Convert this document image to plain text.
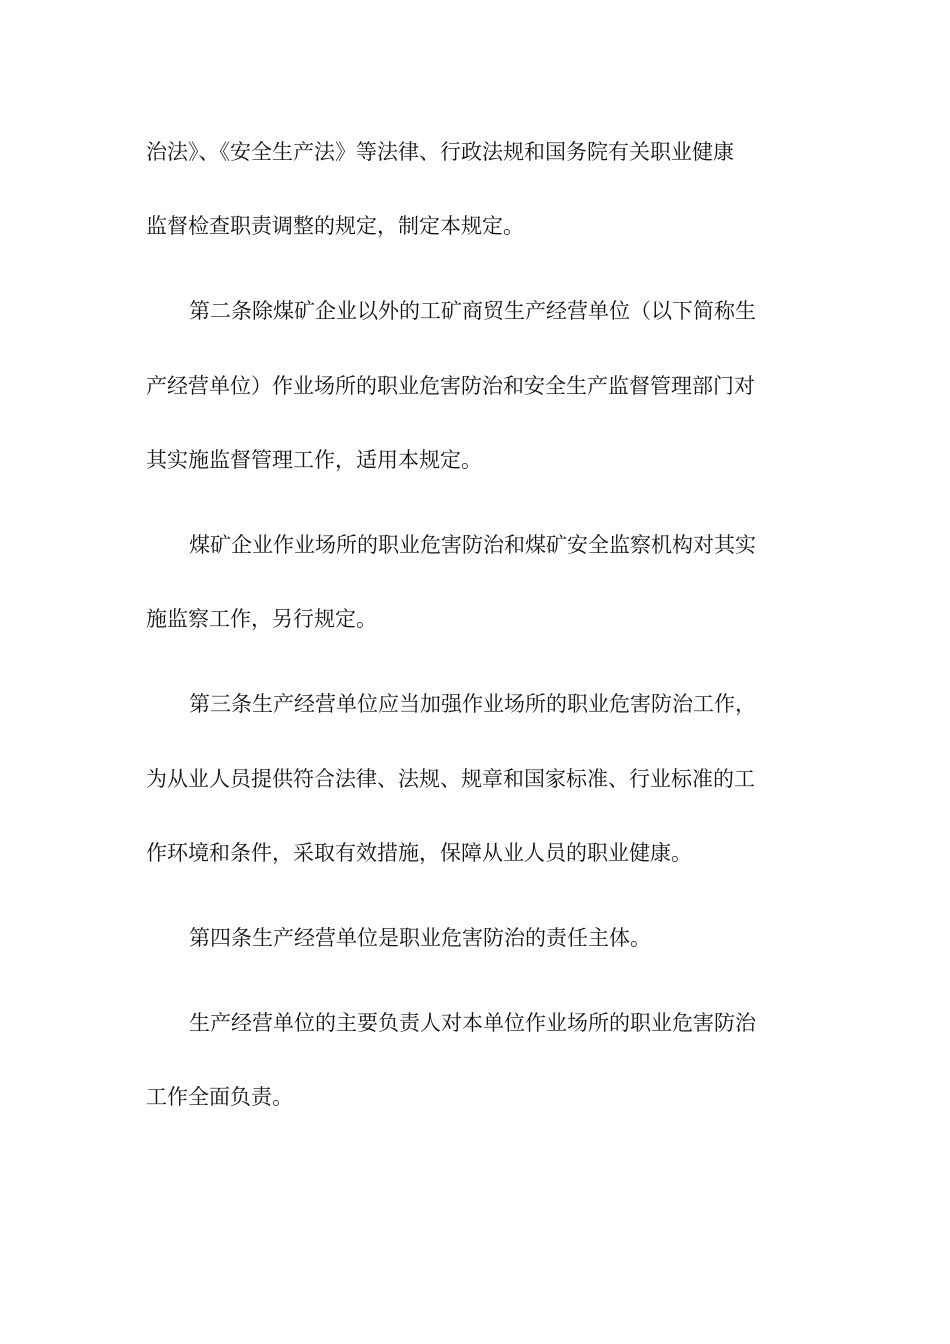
治法》、《安全生产法》等法律、行政法规和国务院有关职业健康
监督检查职责调整的规定，制定本规定。
第二条除煤矿企业以外的工矿商贸生产经营单位（以下简称生
产经营单位）作业场所的职业危害防治和安全生产监督管理部门对
其实施监督管理工作，适用本规定。
煤矿企业作业场所的职业危害防治和煤矿安全监察机构对其实
施监察工作，另行规定。
第三条生产经营单位应当加强作业场所的职业危害防治工作，
为从业人员提供符合法律、法规、规章和国家标准、行业标准的工
作环境和条件，采取有效措施，保障从业人员的职业健康。
第四条生产经营单位是职业危害防治的责任主体。
生产经营单位的主要负责人对本单位作业场所的职业危害防治
工作全面负责。
